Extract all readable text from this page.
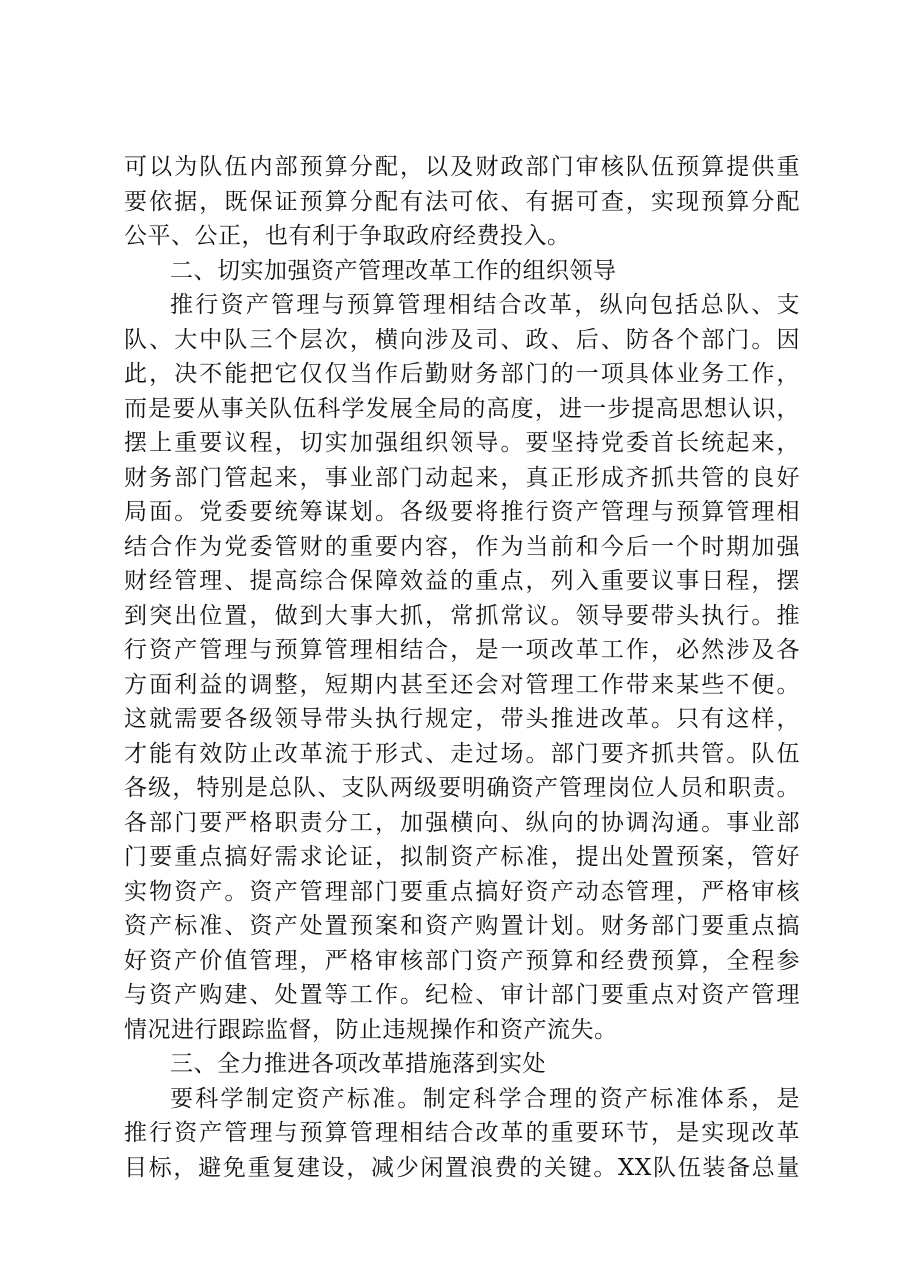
可以为队伍内部预算分配，以及财政部门审核队伍预算提供重
要依据，既保证预算分配有法可依、有据可查，实现预算分配
公平、公正，也有利于争取政府经费投入。
二、切实加强资产管理改革工作的组织领导
推行资产管理与预算管理相结合改革，纵向包括总队、支
队、大中队三个层次，横向涉及司、政、后、防各个部门。因
此，决不能把它仅仅当作后勤财务部门的一项具体业务工作，
而是要从事关队伍科学发展全局的高度，进一步提高思想认识，
摆上重要议程，切实加强组织领导。要坚持党委首长统起来，
财务部门管起来，事业部门动起来，真正形成齐抓共管的良好
局面。党委要统筹谋划。各级要将推行资产管理与预算管理相
结合作为党委管财的重要内容，作为当前和今后一个时期加强
财经管理、提高综合保障效益的重点，列入重要议事日程，摆
到突出位置，做到大事大抓，常抓常议。领导要带头执行。推
行资产管理与预算管理相结合，是一项改革工作，必然涉及各
方面利益的调整，短期内甚至还会对管理工作带来某些不便。
这就需要各级领导带头执行规定，带头推进改革。只有这样，
才能有效防止改革流于形式、走过场。部门要齐抓共管。队伍
各级，特别是总队、支队两级要明确资产管理岗位人员和职责。
各部门要严格职责分工，加强横向、纵向的协调沟通。事业部
门要重点搞好需求论证，拟制资产标准，提出处置预案，管好
实物资产。资产管理部门要重点搞好资产动态管理，严格审核
资产标准、资产处置预案和资产购置计划。财务部门要重点搞
好资产价值管理，严格审核部门资产预算和经费预算，全程参
与资产购建、处置等工作。纪检、审计部门要重点对资产管理
情况进行跟踪监督，防止违规操作和资产流失。
三、全力推进各项改革措施落到实处
要科学制定资产标准。制定科学合理的资产标准体系，是
推行资产管理与预算管理相结合改革的重要环节，是实现改革
目标，避免重复建设，减少闲置浪费的关键。XX队伍装备总量
